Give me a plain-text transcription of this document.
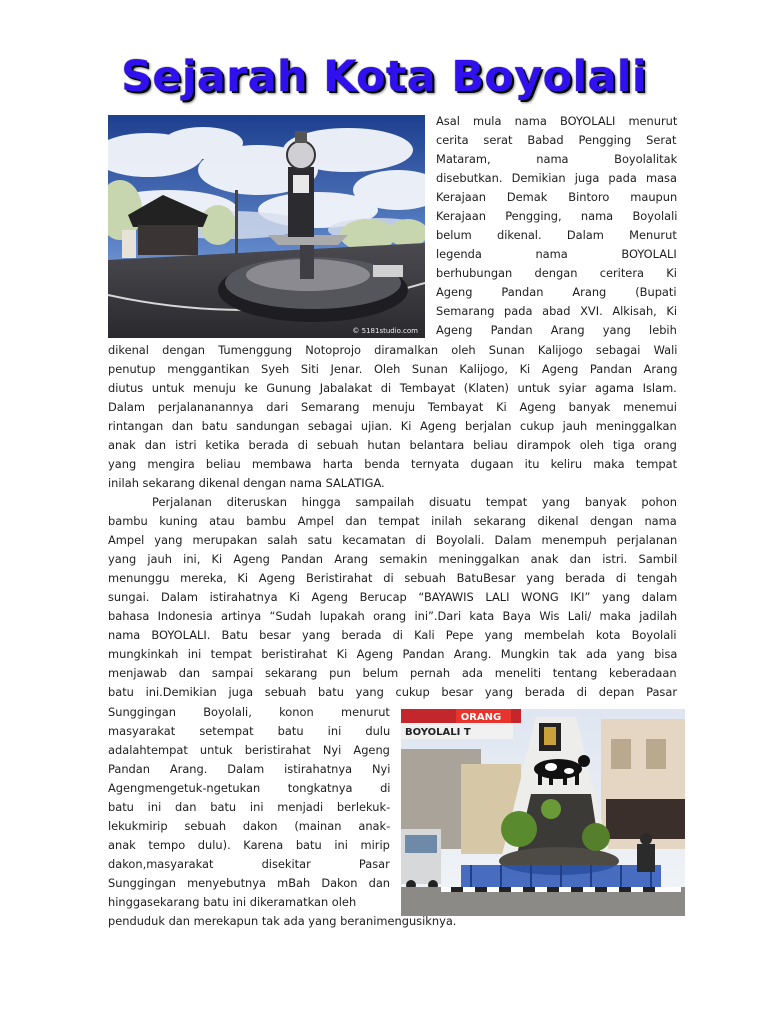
Sejarah Kota Boyolali
© 5181studio.com
ORANG
BOYOLALI T
Asal mula nama BOYOLALI menurut
cerita serat Babad Pengging Serat
Mataram, nama Boyolalitak
disebutkan. Demikian juga pada masa
Kerajaan Demak Bintoro maupun
Kerajaan Pengging, nama Boyolali
belum dikenal. Dalam Menurut
legenda nama BOYOLALI
berhubungan dengan ceritera Ki
Ageng Pandan Arang (Bupati
Semarang pada abad XVI. Alkisah, Ki
Ageng Pandan Arang yang lebih
dikenal dengan Tumenggung Notoprojo diramalkan oleh Sunan Kalijogo sebagai Wali
penutup menggantikan Syeh Siti Jenar. Oleh Sunan Kalijogo, Ki Ageng Pandan Arang
diutus untuk menuju ke Gunung Jabalakat di Tembayat (Klaten) untuk syiar agama Islam.
Dalam perjalananannya dari Semarang menuju Tembayat Ki Ageng banyak menemui
rintangan dan batu sandungan sebagai ujian. Ki Ageng berjalan cukup jauh meninggalkan
anak dan istri ketika berada di sebuah hutan belantara beliau dirampok oleh tiga orang
yang mengira beliau membawa harta benda ternyata dugaan itu keliru maka tempat
inilah sekarang dikenal dengan nama SALATIGA.
Perjalanan diteruskan hingga sampailah disuatu tempat yang banyak pohon
bambu kuning atau bambu Ampel dan tempat inilah sekarang dikenal dengan nama
Ampel yang merupakan salah satu kecamatan di Boyolali. Dalam menempuh perjalanan
yang jauh ini, Ki Ageng Pandan Arang semakin meninggalkan anak dan istri. Sambil
menunggu mereka, Ki Ageng Beristirahat di sebuah BatuBesar yang berada di tengah
sungai. Dalam istirahatnya Ki Ageng Berucap “BAYAWIS LALI WONG IKI” yang dalam
bahasa Indonesia artinya “Sudah lupakah orang ini”.Dari kata Baya Wis Lali/ maka jadilah
nama BOYOLALI. Batu besar yang berada di Kali Pepe yang membelah kota Boyolali
mungkinkah ini tempat beristirahat Ki Ageng Pandan Arang. Mungkin tak ada yang bisa
menjawab dan sampai sekarang pun belum pernah ada meneliti tentang keberadaan
batu ini.Demikian juga sebuah batu yang cukup besar yang berada di depan Pasar
Sunggingan Boyolali, konon menurut
masyarakat setempat batu ini dulu
adalahtempat untuk beristirahat Nyi Ageng
Pandan Arang. Dalam istirahatnya Nyi
Agengmengetuk-ngetukan tongkatnya di
batu ini dan batu ini menjadi berlekuk-
lekukmirip sebuah dakon (mainan anak-
anak tempo dulu). Karena batu ini mirip
dakon,masyarakat disekitar Pasar
Sunggingan menyebutnya mBah Dakon dan
hinggasekarang batu ini dikeramatkan oleh
penduduk dan merekapun tak ada yang beranimengusiknya.
